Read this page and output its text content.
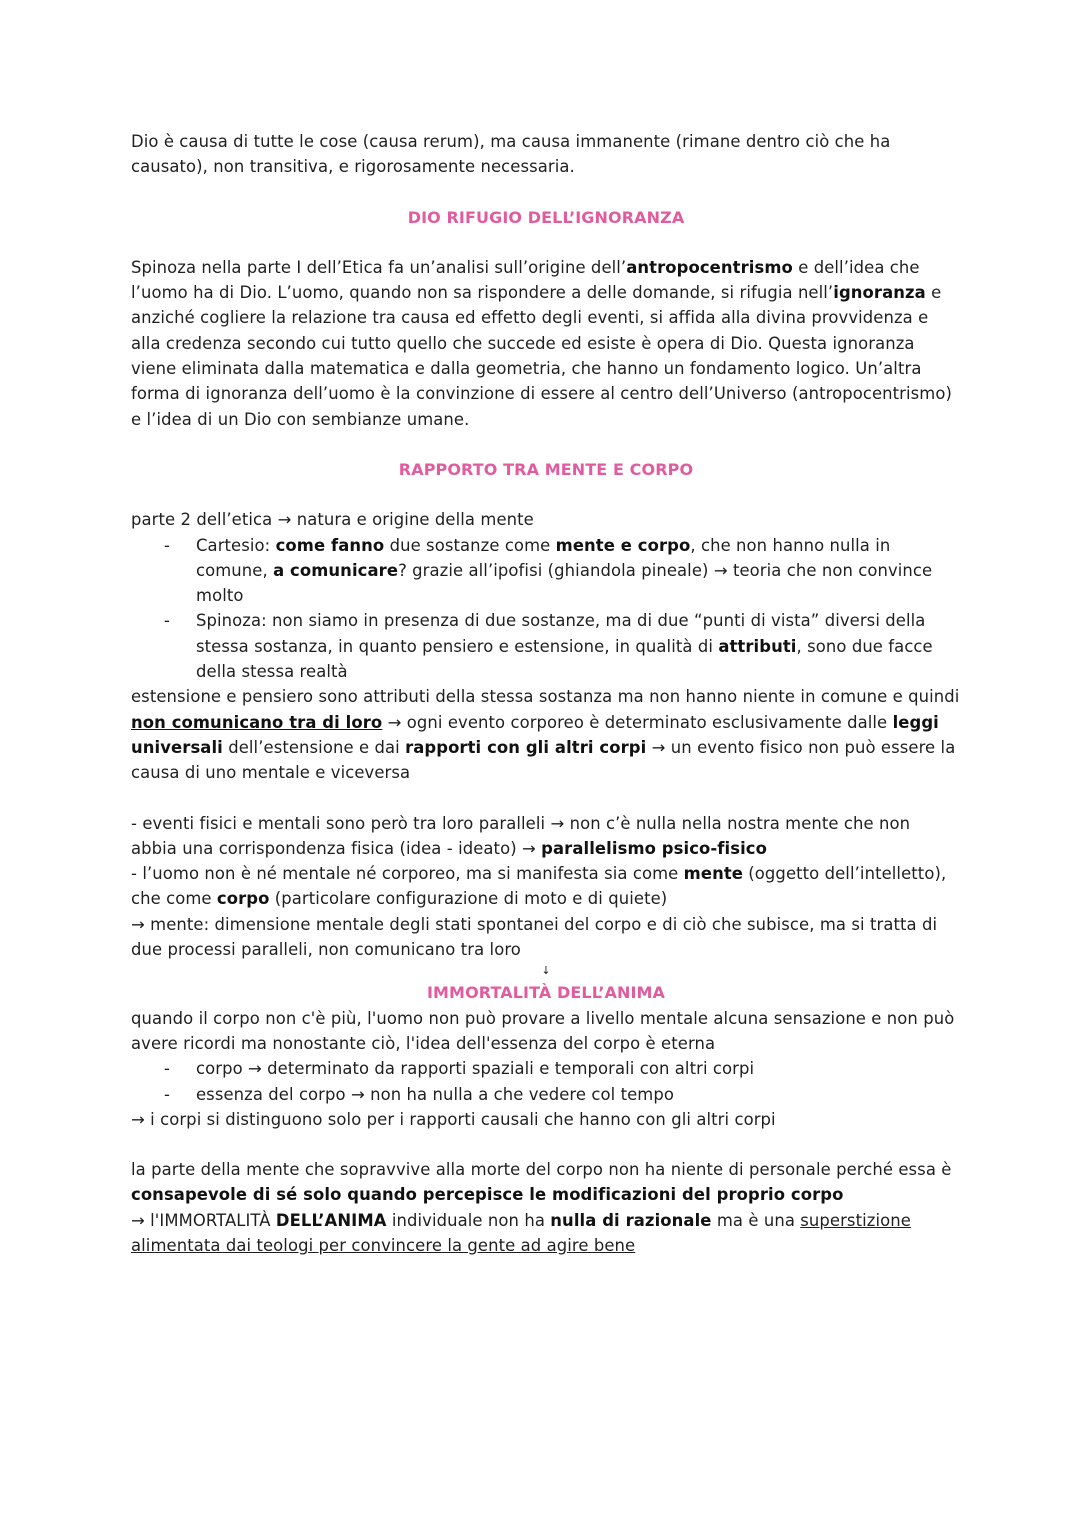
Dio è causa di tutte le cose (causa rerum), ma causa immanente (rimane dentro ciò che ha causato), non transitiva, e rigorosamente necessaria.

DIO RIFUGIO DELL’IGNORANZA

Spinoza nella parte I dell’Etica fa un’analisi sull’origine dell’antropocentrismo e dell’idea che l’uomo ha di Dio. L’uomo, quando non sa rispondere a delle domande, si rifugia nell’ignoranza e anziché cogliere la relazione tra causa ed effetto degli eventi, si affida alla divina provvidenza e alla credenza secondo cui tutto quello che succede ed esiste è opera di Dio. Questa ignoranza viene eliminata dalla matematica e dalla geometria, che hanno un fondamento logico. Un’altra forma di ignoranza dell’uomo è la convinzione di essere al centro dell’Universo (antropocentrismo) e l’idea di un Dio con sembianze umane.

RAPPORTO TRA MENTE E CORPO

parte 2 dell’etica → natura e origine della mente

- Cartesio: come fanno due sostanze come mente e corpo, che non hanno nulla in comune, a comunicare? grazie all’ipofisi (ghiandola pineale) → teoria che non convince molto
- Spinoza: non siamo in presenza di due sostanze, ma di due “punti di vista” diversi della stessa sostanza, in quanto pensiero e estensione, in qualità di attributi, sono due facce della stessa realtà

estensione e pensiero sono attributi della stessa sostanza ma non hanno niente in comune e quindi non comunicano tra di loro → ogni evento corporeo è determinato esclusivamente dalle leggi universali dell’estensione e dai rapporti con gli altri corpi → un evento fisico non può essere la causa di uno mentale e viceversa

- eventi fisici e mentali sono però tra loro paralleli → non c’è nulla nella nostra mente che non abbia una corrispondenza fisica (idea - ideato) → parallelismo psico-fisico

- l’uomo non è né mentale né corporeo, ma si manifesta sia come mente (oggetto dell’intelletto), che come corpo (particolare configurazione di moto e di quiete)

→ mente: dimensione mentale degli stati spontanei del corpo e di ciò che subisce, ma si tratta di due processi paralleli, non comunicano tra loro

↓

IMMORTALITÀ DELL’ANIMA

quando il corpo non c'è più, l'uomo non può provare a livello mentale alcuna sensazione e non può avere ricordi ma nonostante ciò, l'idea dell'essenza del corpo è eterna

- corpo → determinato da rapporti spaziali e temporali con altri corpi
- essenza del corpo → non ha nulla a che vedere col tempo

→ i corpi si distinguono solo per i rapporti causali che hanno con gli altri corpi

la parte della mente che sopravvive alla morte del corpo non ha niente di personale perché essa è consapevole di sé solo quando percepisce le modificazioni del proprio corpo

→ l'IMMORTALITÀ DELL’ANIMA individuale non ha nulla di razionale ma è una superstizione alimentata dai teologi per convincere la gente ad agire bene
